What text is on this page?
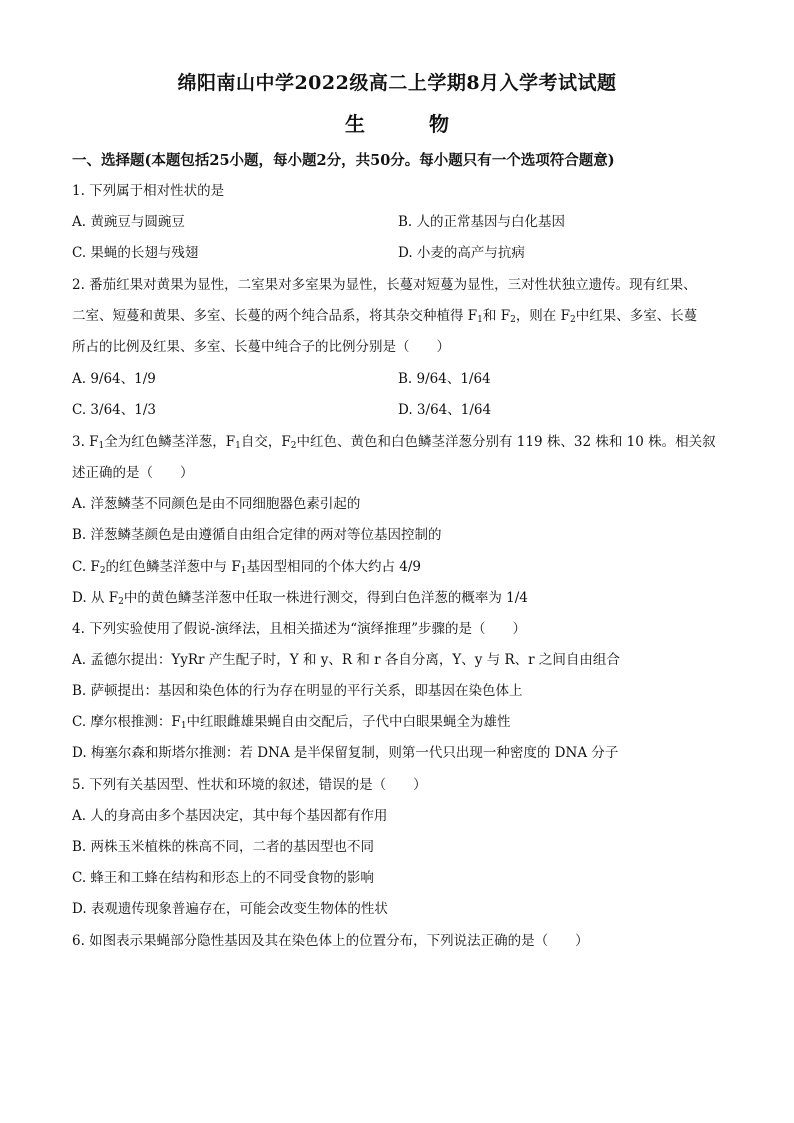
绵阳南山中学2022级高二上学期8月入学考试试题
生　物
一、选择题(本题包括25小题，每小题2分，共50分。每小题只有一个选项符合题意)
1. 下列属于相对性状的是
A. 黄豌豆与圆豌豆	B. 人的正常基因与白化基因
C. 果蝇的长翅与残翅	D. 小麦的高产与抗病
2. 番茄红果对黄果为显性，二室果对多室果为显性，长蔓对短蔓为显性，三对性状独立遗传。现有红果、
二室、短蔓和黄果、多室、长蔓的两个纯合品系，将其杂交种植得 $F_1$和 $F_2$，则在 $F_2$中红果、多室、长蔓
所占的比例及红果、多室、长蔓中纯合子的比例分别是（　　）
A. 9/64、1/9	B. 9/64、1/64
C. 3/64、1/3	D. 3/64、1/64
3. $F_1$全为红色鳞茎洋葱，$F_1$自交，$F_2$中红色、黄色和白色鳞茎洋葱分别有 119 株、32 株和 10 株。相关叙
述正确的是（　　）
A. 洋葱鳞茎不同颜色是由不同细胞器色素引起的
B. 洋葱鳞茎颜色是由遵循自由组合定律的两对等位基因控制的
C. $F_2$的红色鳞茎洋葱中与 $F_1$基因型相同的个体大约占 4/9
D. 从 $F_2$中的黄色鳞茎洋葱中任取一株进行测交，得到白色洋葱的概率为 1/4
4. 下列实验使用了假说-演绎法，且相关描述为“演绎推理”步骤的是（　　）
A. 孟德尔提出：YyRr 产生配子时，Y 和 y、R 和 r 各自分离，Y、y 与 R、r 之间自由组合
B. 萨顿提出：基因和染色体的行为存在明显的平行关系，即基因在染色体上
C. 摩尔根推测：$F_1$中红眼雌雄果蝇自由交配后，子代中白眼果蝇全为雄性
D. 梅塞尔森和斯塔尔推测：若 DNA 是半保留复制，则第一代只出现一种密度的 DNA 分子
5. 下列有关基因型、性状和环境的叙述，错误的是（　　）
A. 人的身高由多个基因决定，其中每个基因都有作用
B. 两株玉米植株的株高不同，二者的基因型也不同
C. 蜂王和工蜂在结构和形态上的不同受食物的影响
D. 表观遗传现象普遍存在，可能会改变生物体的性状
6. 如图表示果蝇部分隐性基因及其在染色体上的位置分布，下列说法正确的是（　　）
